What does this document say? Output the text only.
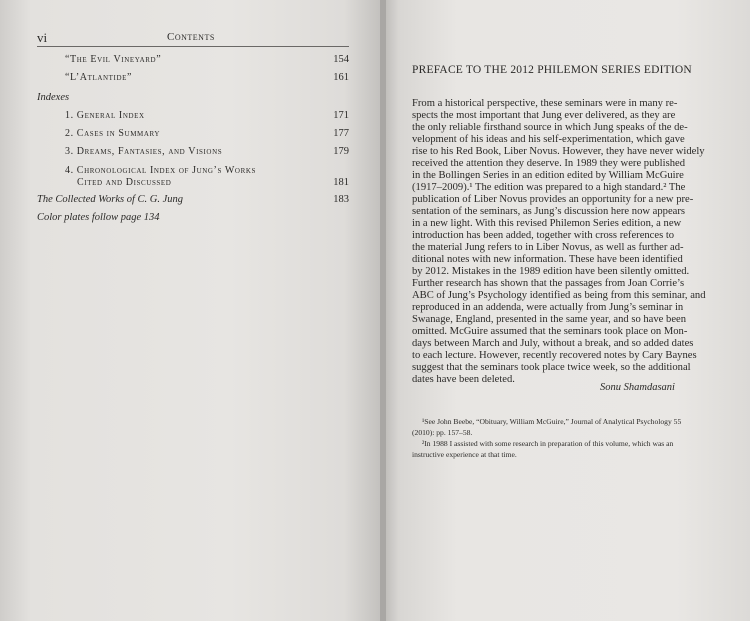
vi	Contents
“The Evil Vineyard”	154
“L’Atlantide”	161
Indexes
1. General Index	171
2. Cases in Summary	177
3. Dreams, Fantasies, and Visions	179
4. Chronological Index of Jung’s Works
Cited and Discussed	181
The Collected Works of C. G. Jung	183
Color plates follow page 134
PREFACE TO THE 2012 PHILEMON SERIES EDITION
From a historical perspective, these seminars were in many re-
spects the most important that Jung ever delivered, as they are
the only reliable firsthand source in which Jung speaks of the de-
velopment of his ideas and his self-experimentation, which gave
rise to his Red Book, Liber Novus. However, they have never widely
received the attention they deserve. In 1989 they were published
in the Bollingen Series in an edition edited by William McGuire
(1917–2009).¹ The edition was prepared to a high standard.² The
publication of Liber Novus provides an opportunity for a new pre-
sentation of the seminars, as Jung’s discussion here now appears
in a new light. With this revised Philemon Series edition, a new
introduction has been added, together with cross references to
the material Jung refers to in Liber Novus, as well as further ad-
ditional notes with new information. These have been identified
by 2012. Mistakes in the 1989 edition have been silently omitted.
Further research has shown that the passages from Joan Corrie’s
ABC of Jung’s Psychology identified as being from this seminar, and
reproduced in an addenda, were actually from Jung’s seminar in
Swanage, England, presented in the same year, and so have been
omitted. McGuire assumed that the seminars took place on Mon-
days between March and July, without a break, and so added dates
to each lecture. However, recently recovered notes by Cary Baynes
suggest that the seminars took place twice week, so the additional
dates have been deleted.
Sonu Shamdasani
¹See John Beebe, “Obituary, William McGuire,” Journal of Analytical Psychology 55
(2010): pp. 157–58.
²In 1988 I assisted with some research in preparation of this volume, which was an
instructive experience at that time.
